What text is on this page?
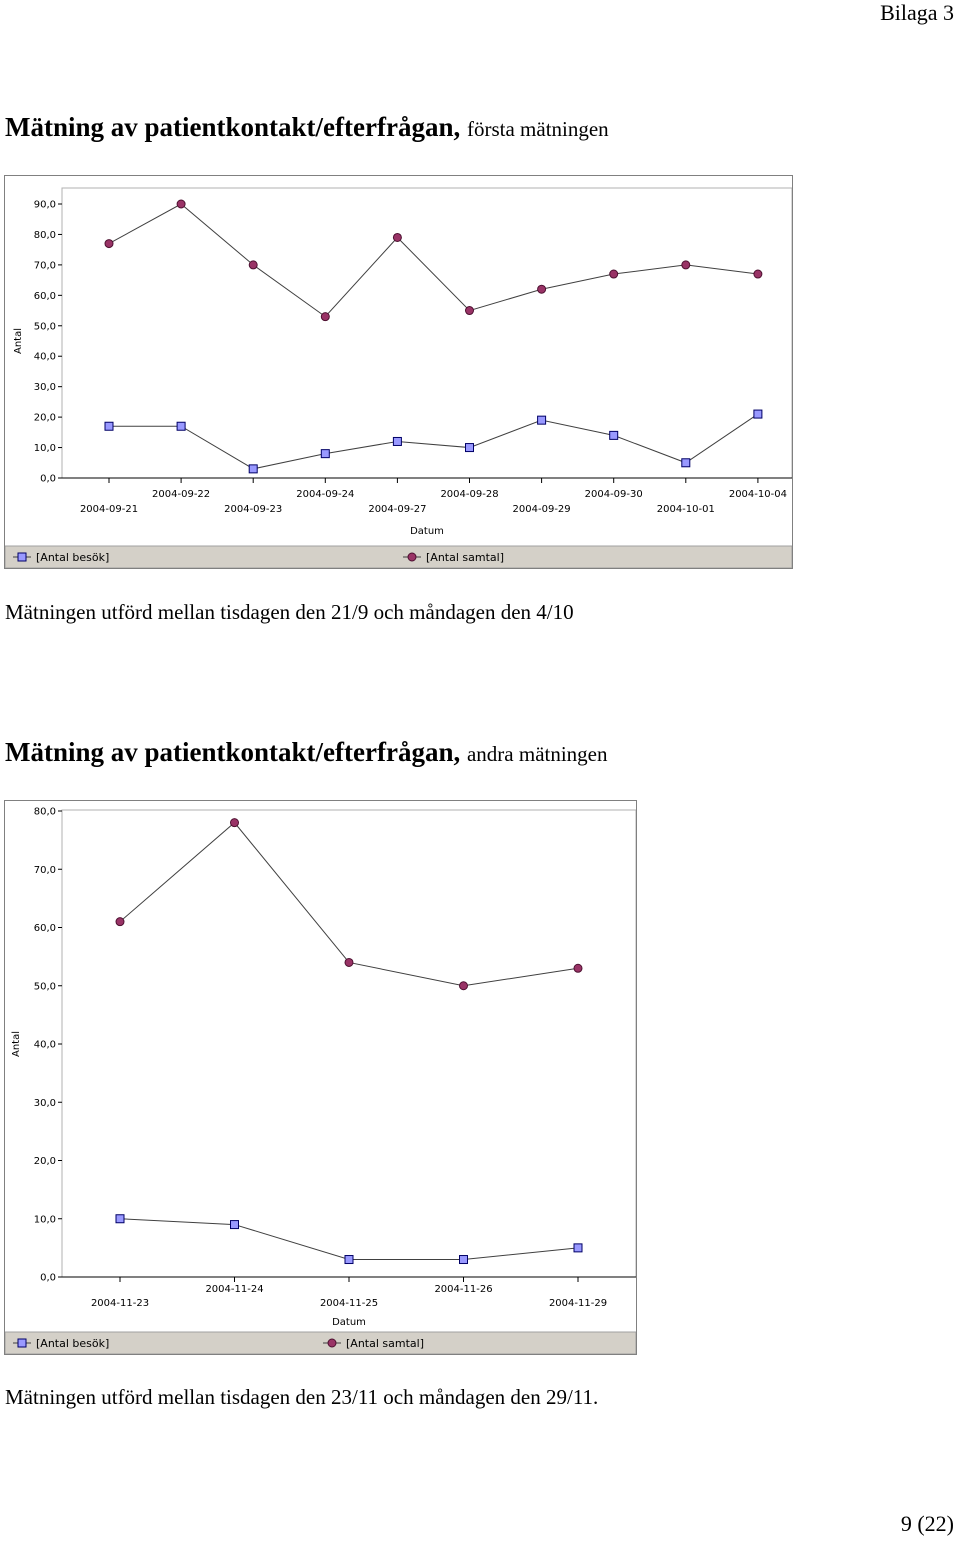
Bilaga 3
Mätning av patientkontakt/efterfrågan, första mätningen
0,0
10,0
20,0
30,0
40,0
50,0
60,0
70,0
80,0
90,0
2004-09-21
2004-09-22
2004-09-23
2004-09-24
2004-09-27
2004-09-28
2004-09-29
2004-09-30
2004-10-01
2004-10-04
Datum
Antal
[Antal besök]	[Antal samtal]
Mätningen utförd mellan tisdagen den 21/9 och måndagen den 4/10
Mätning av patientkontakt/efterfrågan, andra mätningen
0,0
10,0
20,0
30,0
40,0
50,0
60,0
70,0
80,0
2004-11-23
2004-11-24
2004-11-25
2004-11-26
2004-11-29
Datum
Antal
[Antal besök]	[Antal samtal]
Mätningen utförd mellan tisdagen den 23/11 och måndagen den 29/11.
9 (22)
